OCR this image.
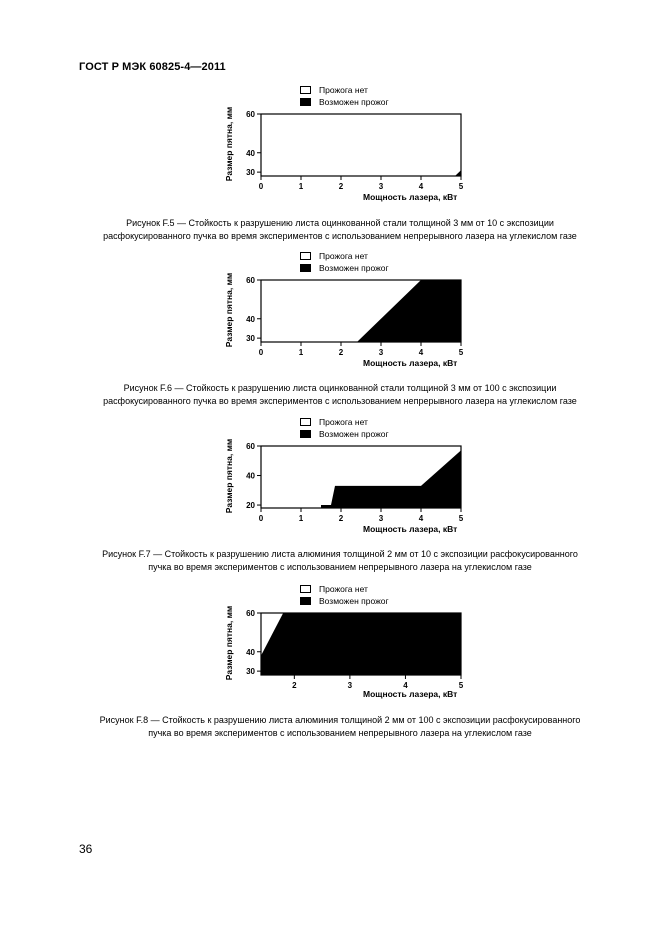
ГОСТ Р МЭК 60825-4—2011
Прожога нет
Возможен прожог
0	1	2	3	4	5
30
40
60
Размер пятна, мм
Мощность лазера, кВт
Рисунок F.5 — Стойкость к разрушению листа оцинкованной стали толщиной 3 мм от 10 с экспозиции
расфокусированного пучка во время экспериментов с использованием непрерывного лазера на углекислом газе
Прожога нет
Возможен прожог
0	1	2	3	4	5
30
40
60
Размер пятна, мм
Мощность лазера, кВт
Рисунок F.6 — Стойкость к разрушению листа оцинкованной стали толщиной 3 мм от 100 с экспозиции
расфокусированного пучка во время экспериментов с использованием непрерывного лазера на углекислом газе
Прожога нет
Возможен прожог
0	1	2	3	4	5
20
40
60
Размер пятна, мм
Мощность лазера, кВт
Рисунок F.7 — Стойкость к разрушению листа алюминия толщиной 2 мм от 10 с экспозиции расфокусированного
пучка во время экспериментов с использованием непрерывного лазера на углекислом газе
Прожога нет
Возможен прожог
2	3	4	5
30
40
60
Размер пятна, мм
Мощность лазера, кВт
Рисунок F.8 — Стойкость к разрушению листа алюминия толщиной 2 мм от 100 с экспозиции расфокусированного
пучка во время экспериментов с использованием непрерывного лазера на углекислом газе
36
